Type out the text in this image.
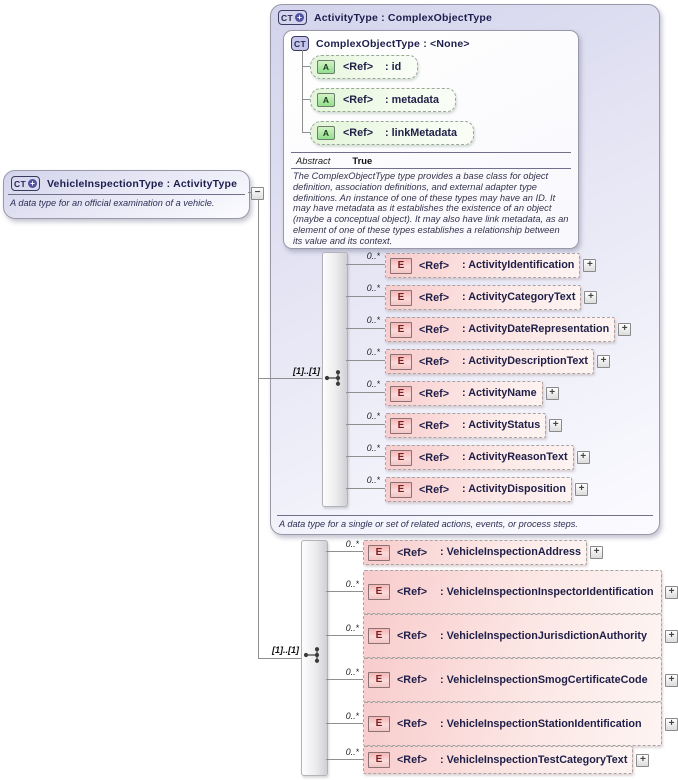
CT + ActivityType : ComplexObjectType
A data type for a single or set of related actions, events, or process steps.
CT ComplexObjectType : <None>
Abstract True
The ComplexObjectType type provides a base class for object definition, association definitions, and external adapter type definitions. An instance of one of these types may have an ID. It may have metadata as it establishes the existence of an object (maybe a conceptual object). It may also have link metadata, as an element of one of these types establishes a relationship between its value and its context.
CT + VehicleInspectionType : ActivityType
A data type for an official examination of a vehicle.
[1]..[1]
[1]..[1]
−
A	<Ref> : id
A	<Ref> : metadata
A	<Ref> : linkMetadata
0..*
0..*
0..*
0..*
0..*
0..*
0..*
0..*
E	<Ref> : ActivityIdentification	+
E	<Ref> : ActivityCategoryText	+
E	<Ref> : ActivityDateRepresentation	+
E	<Ref> : ActivityDescriptionText	+
E	<Ref> : ActivityName	+
E	<Ref> : ActivityStatus	+
E	<Ref> : ActivityReasonText	+
E	<Ref> : ActivityDisposition	+
0..*
0..*
0..*
0..*
0..*
0..*
E	<Ref> : VehicleInspectionAddress	+
E	<Ref> : VehicleInspectionInspectorIdentification	+
E	<Ref> : VehicleInspectionJurisdictionAuthority	+
E	<Ref> : VehicleInspectionSmogCertificateCode	+
E	<Ref> : VehicleInspectionStationIdentification	+
E	<Ref> : VehicleInspectionTestCategoryText	+
